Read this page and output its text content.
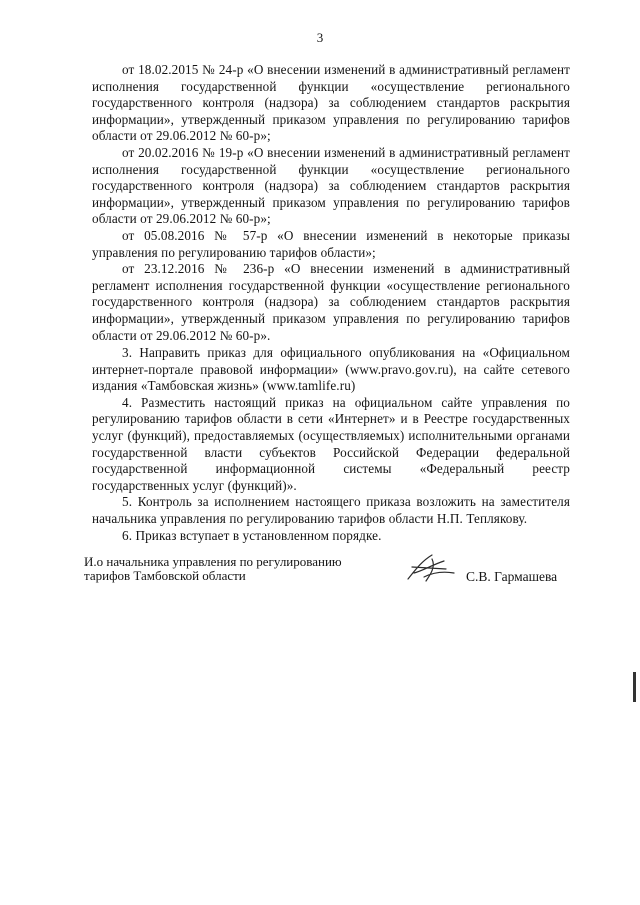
3

от 18.02.2015 № 24-р «О внесении изменений в административный регламент исполнения государственной функции «осуществление регионального государственного контроля (надзора) за соблюдением стандартов раскрытия информации», утвержденный приказом управления по регулированию тарифов области от 29.06.2012 № 60-р»;

от 20.02.2016 № 19-р «О внесении изменений в административный регламент исполнения государственной функции «осуществление регионального государственного контроля (надзора) за соблюдением стандартов раскрытия информации», утвержденный приказом управления по регулированию тарифов области от 29.06.2012 № 60-р»;

от 05.08.2016 № 57-р «О внесении изменений в некоторые приказы управления по регулированию тарифов области»;

от 23.12.2016 № 236-р «О внесении изменений в административный регламент исполнения государственной функции «осуществление регионального государственного контроля (надзора) за соблюдением стандартов раскрытия информации», утвержденный приказом управления по регулированию тарифов области от 29.06.2012 № 60-р».

3. Направить приказ для официального опубликования на «Официальном интернет-портале правовой информации» (www.pravo.gov.ru), на сайте сетевого издания «Тамбовская жизнь» (www.tamlife.ru)

4. Разместить настоящий приказ на официальном сайте управления по регулированию тарифов области в сети «Интернет» и в Реестре государственных услуг (функций), предоставляемых (осуществляемых) исполнительными органами государственной власти субъектов Российской Федерации федеральной государственной информационной системы «Федеральный реестр государственных услуг (функций)».

5. Контроль за исполнением настоящего приказа возложить на заместителя начальника управления по регулированию тарифов области Н.П. Теплякову.

6. Приказ вступает в установленном порядке.

И.о начальника управления по регулированию
тарифов Тамбовской области	С.В. Гармашева
